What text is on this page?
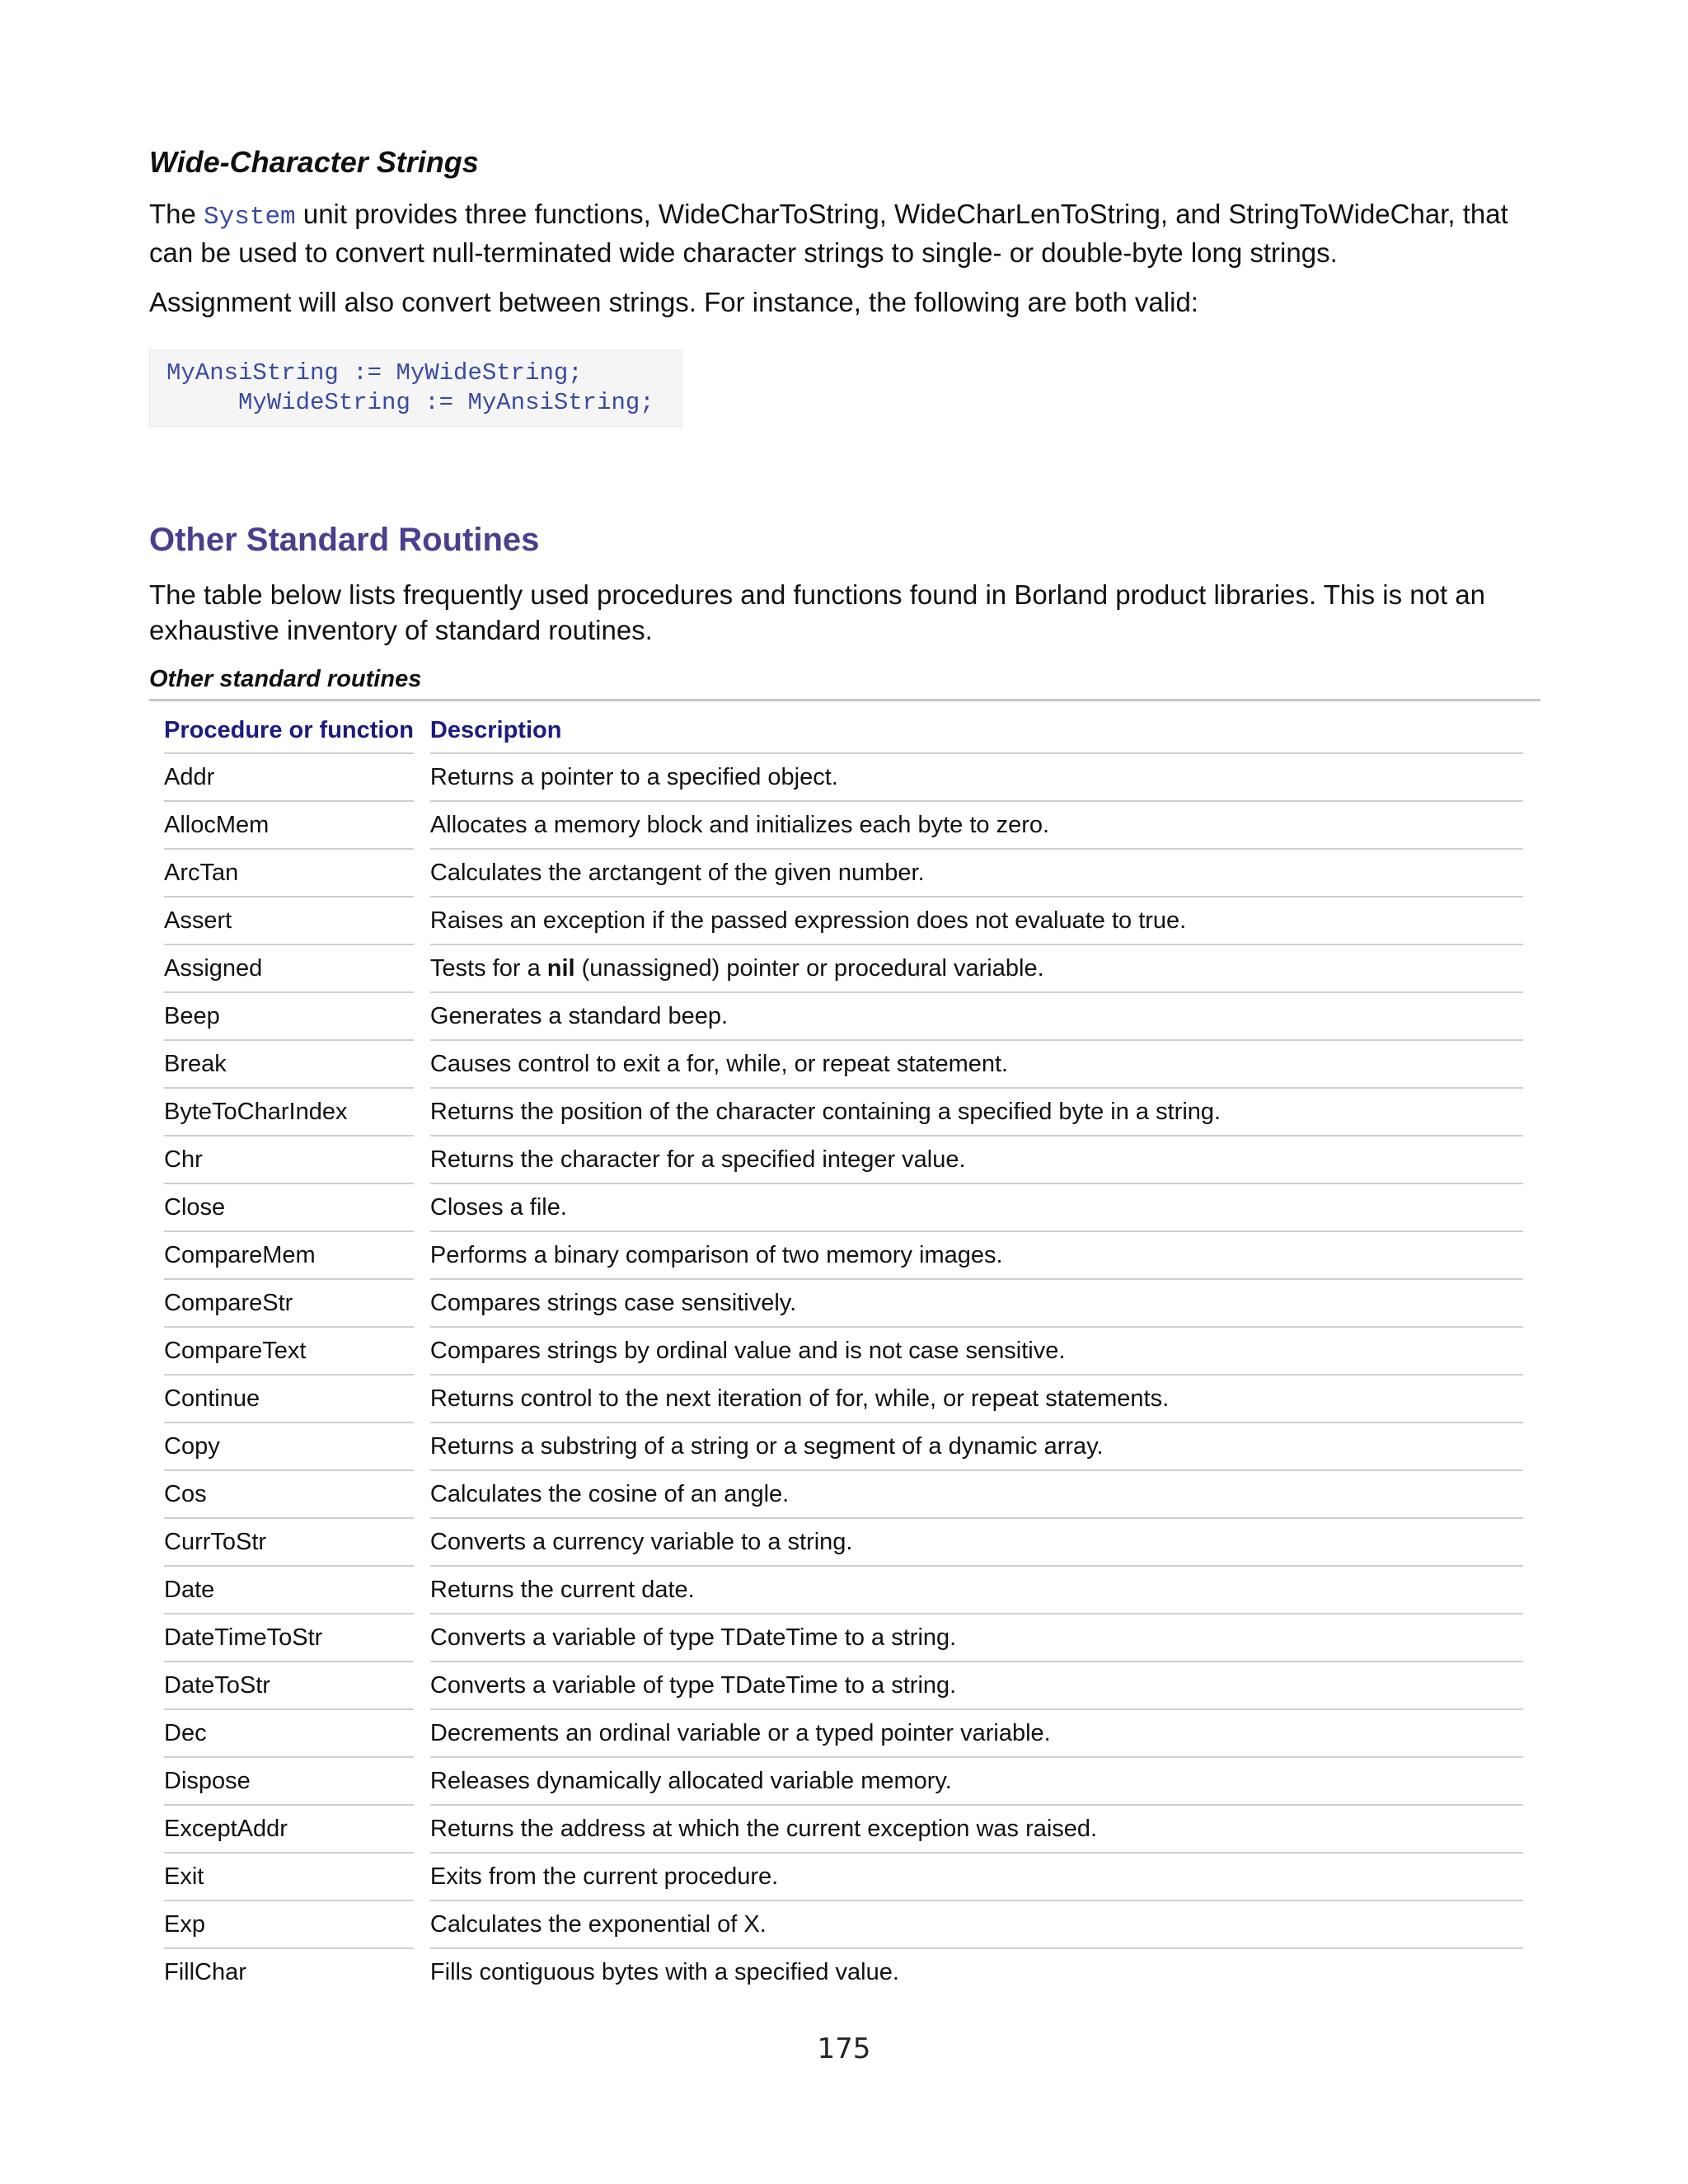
Wide-Character Strings

The System unit provides three functions, WideCharToString, WideCharLenToString, and StringToWideChar, that can be used to convert null-terminated wide character strings to single- or double-byte long strings.

Assignment will also convert between strings. For instance, the following are both valid:

MyAnsiString := MyWideString;
MyWideString := MyAnsiString;
Other Standard Routines

The table below lists frequently used procedures and functions found in Borland product libraries. This is not an exhaustive inventory of standard routines.

Other standard routines
Procedure or function	Description
Addr	Returns a pointer to a specified object.
AllocMem	Allocates a memory block and initializes each byte to zero.
ArcTan	Calculates the arctangent of the given number.
Assert	Raises an exception if the passed expression does not evaluate to true.
Assigned	Tests for a nil (unassigned) pointer or procedural variable.
Beep	Generates a standard beep.
Break	Causes control to exit a for, while, or repeat statement.
ByteToCharIndex	Returns the position of the character containing a specified byte in a string.
Chr	Returns the character for a specified integer value.
Close	Closes a file.
CompareMem	Performs a binary comparison of two memory images.
CompareStr	Compares strings case sensitively.
CompareText	Compares strings by ordinal value and is not case sensitive.
Continue	Returns control to the next iteration of for, while, or repeat statements.
Copy	Returns a substring of a string or a segment of a dynamic array.
Cos	Calculates the cosine of an angle.
CurrToStr	Converts a currency variable to a string.
Date	Returns the current date.
DateTimeToStr	Converts a variable of type TDateTime to a string.
DateToStr	Converts a variable of type TDateTime to a string.
Dec	Decrements an ordinal variable or a typed pointer variable.
Dispose	Releases dynamically allocated variable memory.
ExceptAddr	Returns the address at which the current exception was raised.
Exit	Exits from the current procedure.
Exp	Calculates the exponential of X.
FillChar	Fills contiguous bytes with a specified value.
175
